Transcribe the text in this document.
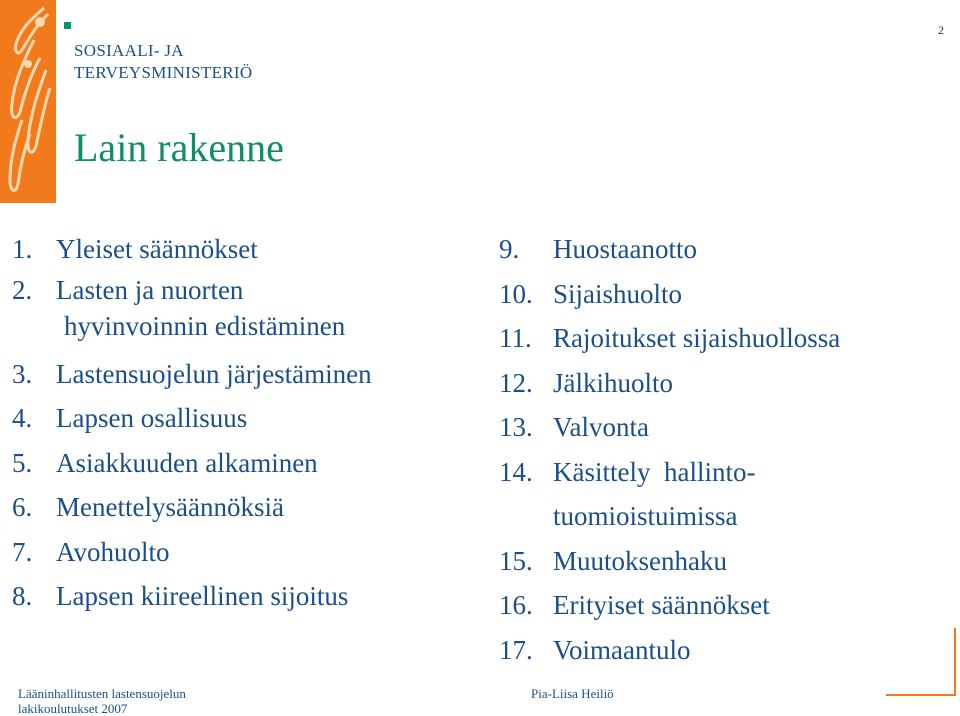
SOSIAALI- JA
TERVEYSMINISTERIÖ
2
Lain rakenne
1. Yleiset säännökset
2. Lasten ja nuorten
hyvinvoinnin edistäminen
3. Lastensuojelun järjestäminen
4. Lapsen osallisuus
5. Asiakkuuden alkaminen
6. Menettelysäännöksiä
7. Avohuolto
8. Lapsen kiireellinen sijoitus
9.	Huostaanotto
10. Sijaishuolto
11. Rajoitukset sijaishuollossa
12. Jälkihuolto
13. Valvonta
14. Käsittely  hallinto-
tuomioistuimissa
15. Muutoksenhaku
16. Erityiset säännökset
17. Voimaantulo
Lääninhallitusten lastensuojelun
lakikoulutukset 2007
Pia-Liisa Heiliö
